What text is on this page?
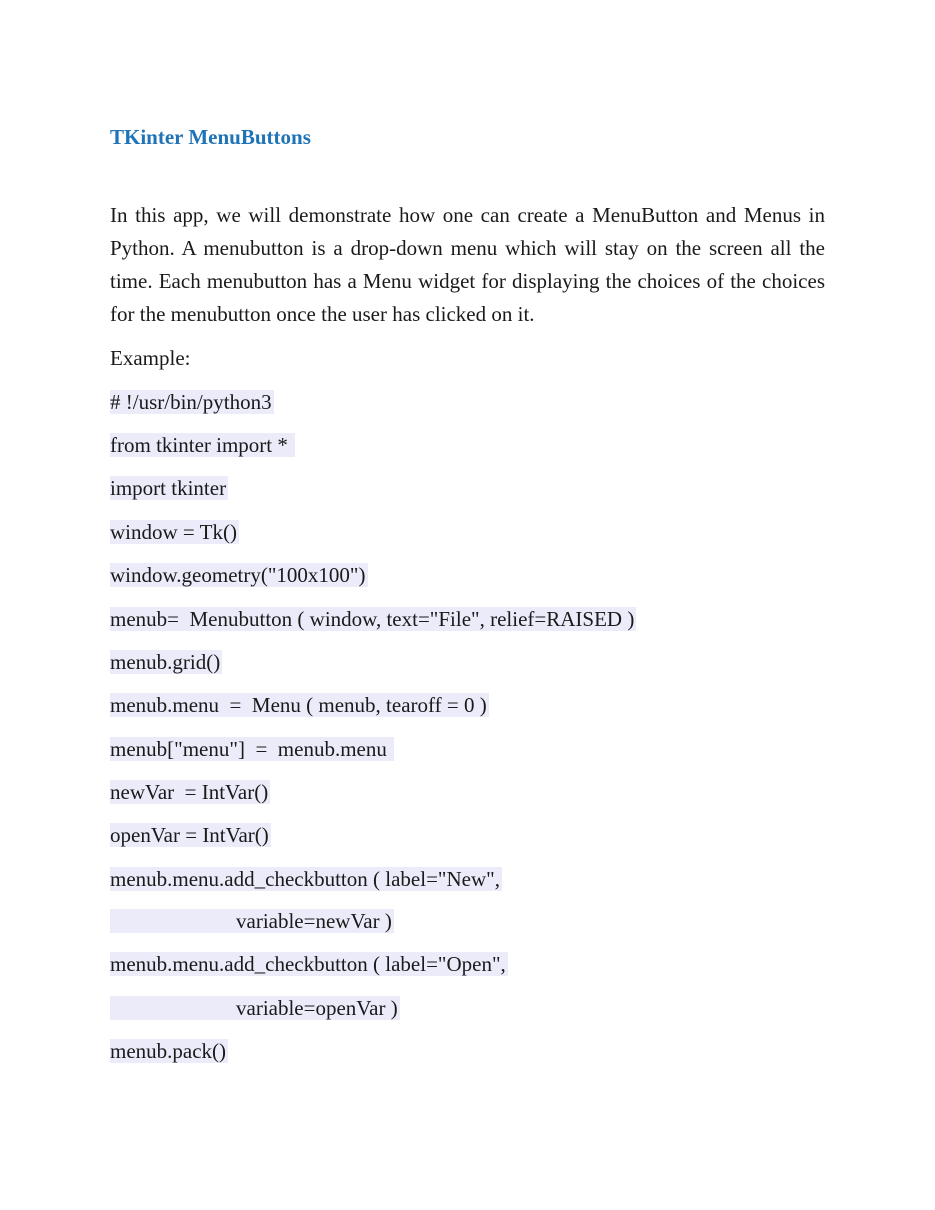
TKinter MenuButtons

In this app, we will demonstrate how one can create a MenuButton and Menus in Python. A menubutton is a drop-down menu which will stay on the screen all the time. Each menubutton has a Menu widget for displaying the choices of the choices for the menubutton once the user has clicked on it.

Example:

# !/usr/bin/python3

from tkinter import *

import tkinter

window = Tk()

window.geometry("100x100")

menub=  Menubutton ( window, text="File", relief=RAISED )

menub.grid()

menub.menu  =  Menu ( menub, tearoff = 0 )

menub["menu"]  =  menub.menu

newVar  = IntVar()

openVar = IntVar()

menub.menu.add_checkbutton ( label="New",

variable=newVar )

menub.menu.add_checkbutton ( label="Open",

variable=openVar )

menub.pack()
